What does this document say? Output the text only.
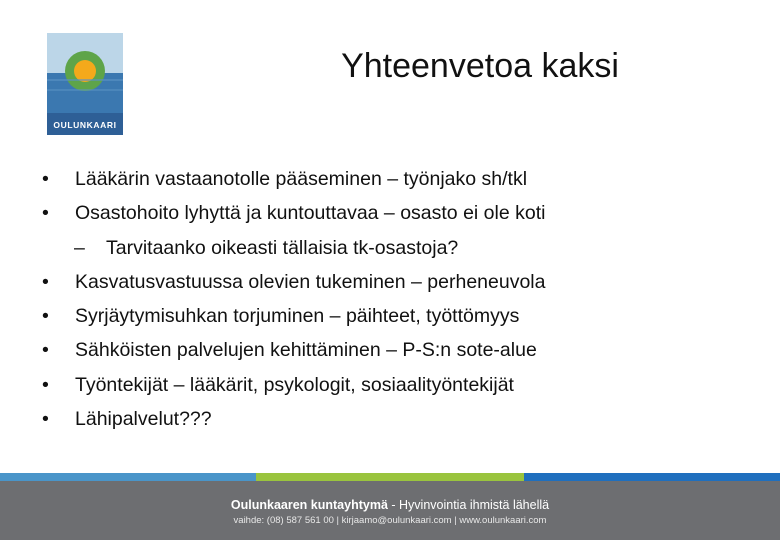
OULUNKAARI
Yhteenvetoa kaksi
• Lääkärin vastaanotolle pääseminen – työnjako sh/tkl
• Osastohoito lyhyttä ja kuntouttavaa – osasto ei ole koti
– Tarvitaanko oikeasti tällaisia tk-osastoja?
• Kasvatusvastuussa olevien tukeminen – perheneuvola
• Syrjäytymisuhkan torjuminen – päihteet, työttömyys
• Sähköisten palvelujen kehittäminen – P-S:n sote-alue
• Työntekijät – lääkärit, psykologit, sosiaalityöntekijät
• Lähipalvelut???
Oulunkaaren kuntayhtymä - Hyvinvointia ihmistä lähellä
vaihde: (08) 587 561 00 | kirjaamo@oulunkaari.com | www.oulunkaari.com
